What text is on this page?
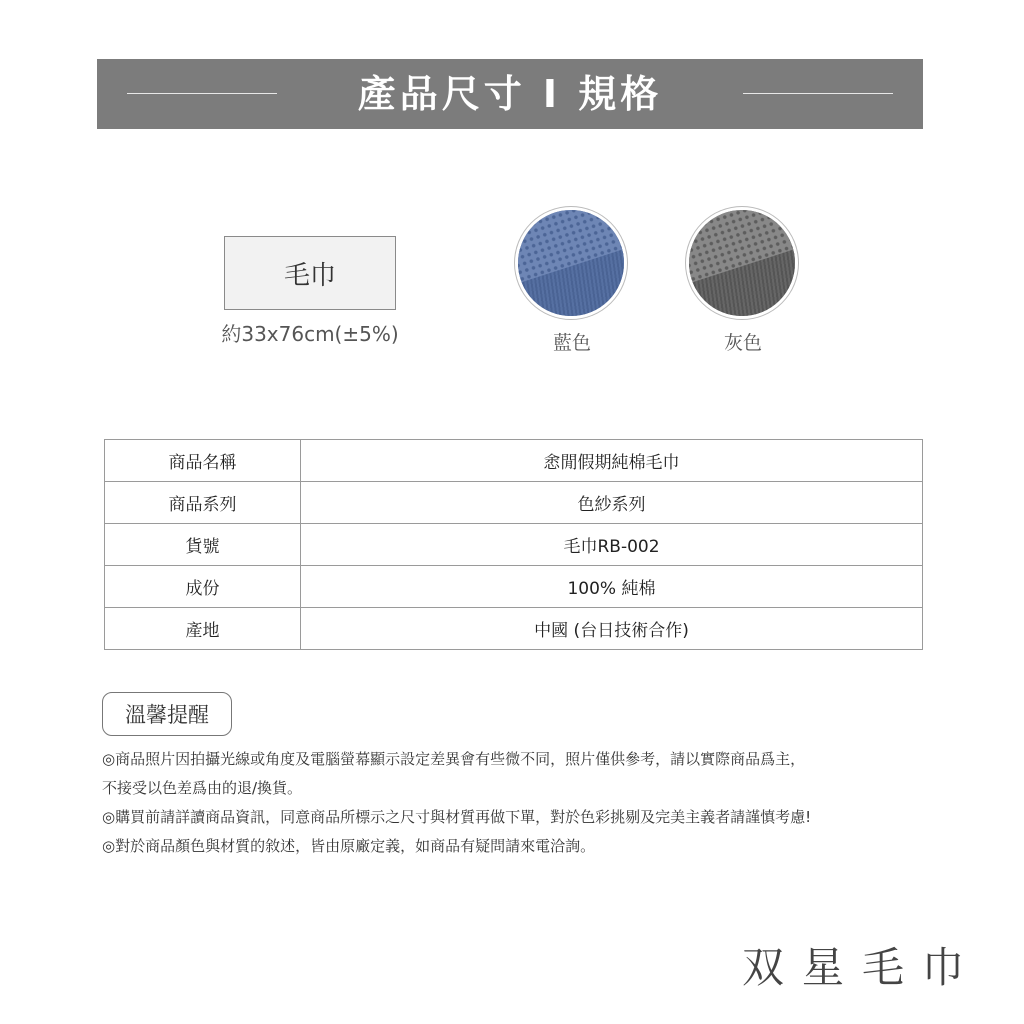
產品尺寸 I 規格
毛巾
約33x76cm(±5%)	藍色	灰色
商品名稱	悆閒假期純棉毛巾
商品系列	色紗系列
貨號	毛巾RB-002
成份	100% 純棉
產地	中國 (台日技術合作)
溫馨提醒
◎商品照片因拍攝光線或角度及電腦螢幕顯示設定差異會有些微不同，照片僅供參考，請以實際商品爲主，
不接受以色差爲由的退/換貨。
◎購買前請詳讀商品資訊，同意商品所標示之尺寸與材質再做下單，對於色彩挑剔及完美主義者請謹慎考慮!
◎對於商品顏色與材質的敘述，皆由原廠定義，如商品有疑問請來電洽詢。
双星毛巾
